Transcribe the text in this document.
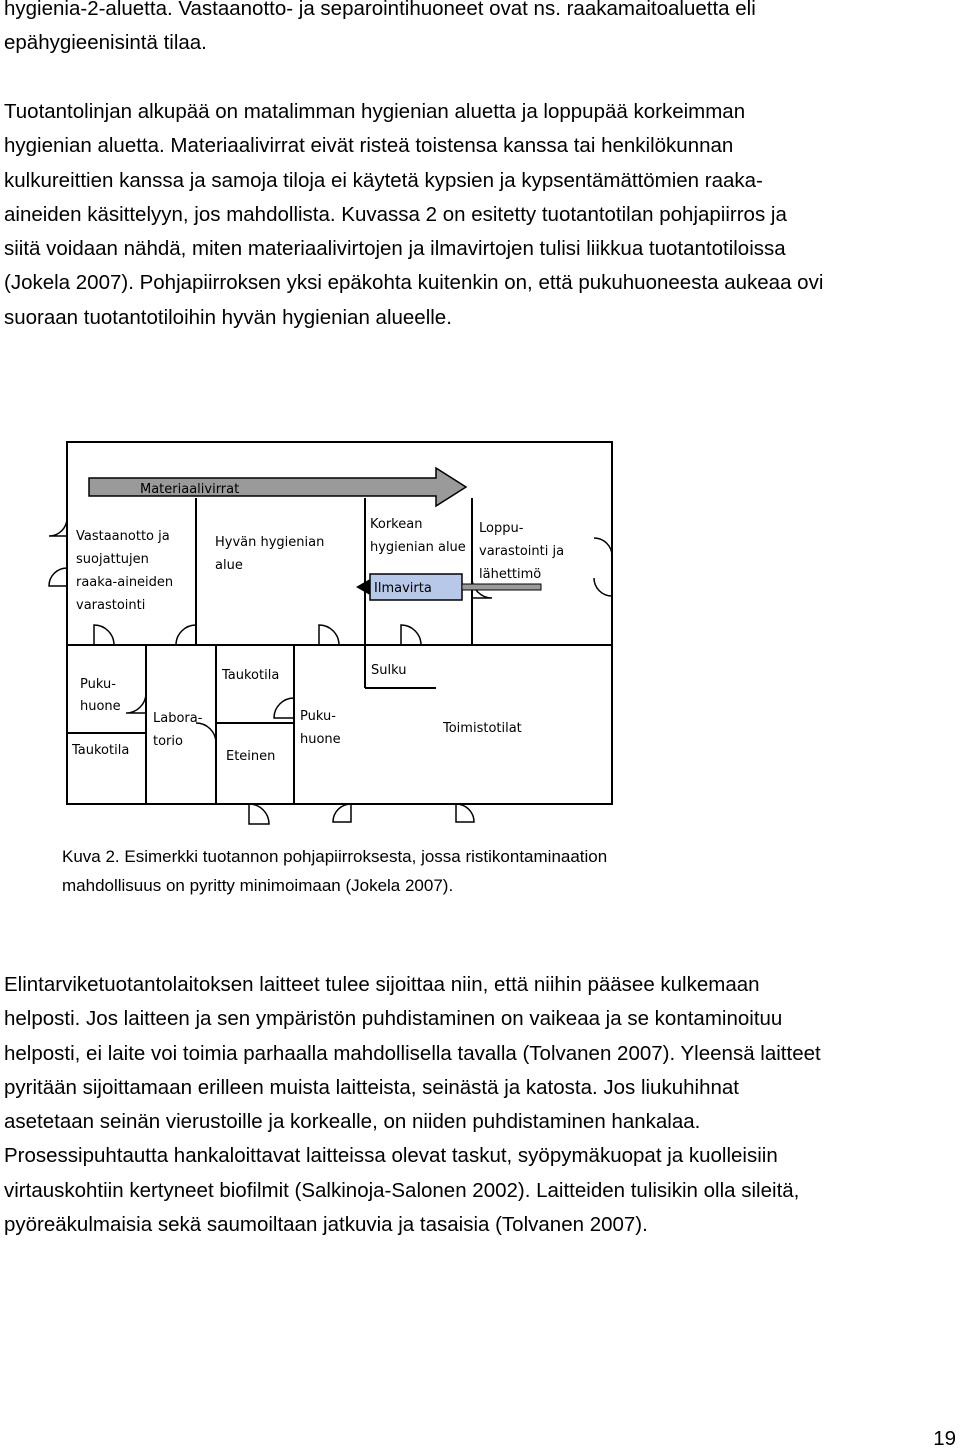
hygienia-2-aluetta. Vastaanotto- ja separointihuoneet ovat ns. raakamaitoaluetta eli
epähygieenisintä tilaa.

Tuotantolinjan alkupää on matalimman hygienian aluetta ja loppupää korkeimman
hygienian aluetta. Materiaalivirrat eivät risteä toistensa kanssa tai henkilökunnan
kulkureittien kanssa ja samoja tiloja ei käytetä kypsien ja kypsentämättömien raaka-
aineiden käsittelyyn, jos mahdollista. Kuvassa 2 on esitetty tuotantotilan pohjapiirros ja
siitä voidaan nähdä, miten materiaalivirtojen ja ilmavirtojen tulisi liikkua tuotantotiloissa
(Jokela 2007). Pohjapiirroksen yksi epäkohta kuitenkin on, että pukuhuoneesta aukeaa ovi
suoraan tuotantotiloihin hyvän hygienian alueelle.

Materiaalivirrat
Ilmavirta
Vastaanotto ja
suojattujen
raaka-aineiden
varastointi
Hyvän hygienian
alue
Korkean
hygienian alue
Loppu-
varastointi ja
lähettimö
Puku-
huone
Taukotila
Labora-
torio
Taukotila
Eteinen
Puku-
huone
Sulku
Toimistotilat
Kuva 2. Esimerkki tuotannon pohjapiirroksesta, jossa ristikontaminaation
mahdollisuus on pyritty minimoimaan (Jokela 2007).

Elintarviketuotantolaitoksen laitteet tulee sijoittaa niin, että niihin pääsee kulkemaan
helposti. Jos laitteen ja sen ympäristön puhdistaminen on vaikeaa ja se kontaminoituu
helposti, ei laite voi toimia parhaalla mahdollisella tavalla (Tolvanen 2007). Yleensä laitteet
pyritään sijoittamaan erilleen muista laitteista, seinästä ja katosta. Jos liukuhihnat
asetetaan seinän vierustoille ja korkealle, on niiden puhdistaminen hankalaa.
Prosessipuhtautta hankaloittavat laitteissa olevat taskut, syöpymäkuopat ja kuolleisiin
virtauskohtiin kertyneet biofilmit (Salkinoja-Salonen 2002). Laitteiden tulisikin olla sileitä,
pyöreäkulmaisia sekä saumoiltaan jatkuvia ja tasaisia (Tolvanen 2007).

19
